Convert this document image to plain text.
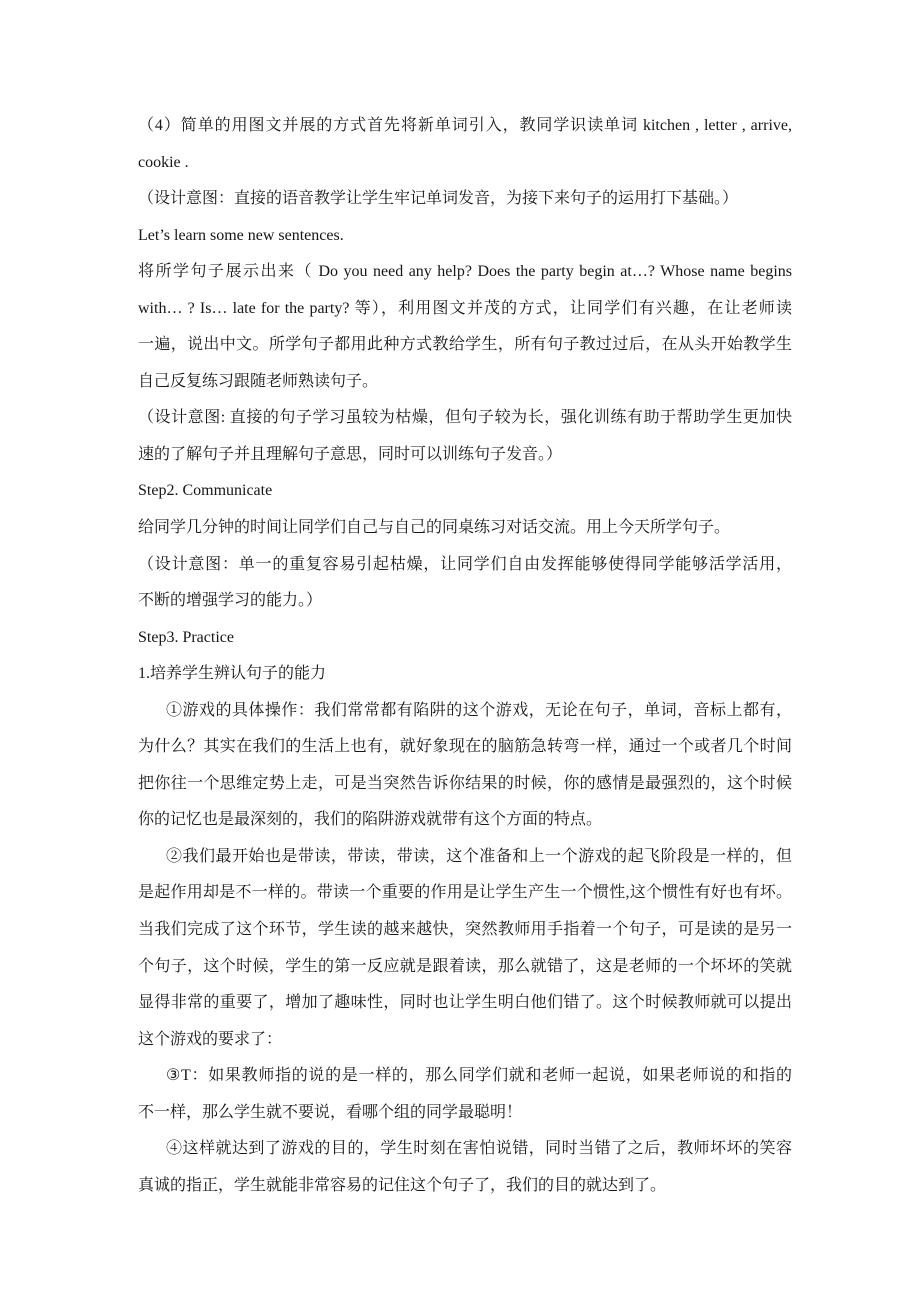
（4）简单的用图文并展的方式首先将新单词引入，教同学识读单词 kitchen , letter , arrive,
cookie .
（设计意图：直接的语音教学让学生牢记单词发音，为接下来句子的运用打下基础。）
Let’s learn some new sentences.
将所学句子展示出来（ Do you need any help? Does the party begin at…? Whose name begins
with… ? Is… late for the party? 等），利用图文并茂的方式，让同学们有兴趣，在让老师读
一遍，说出中文。所学句子都用此种方式教给学生，所有句子教过过后，在从头开始教学生
自己反复练习跟随老师熟读句子。
（设计意图: 直接的句子学习虽较为枯燥，但句子较为长，强化训练有助于帮助学生更加快
速的了解句子并且理解句子意思，同时可以训练句子发音。）
Step2. Communicate
给同学几分钟的时间让同学们自己与自己的同桌练习对话交流。用上今天所学句子。
（设计意图：单一的重复容易引起枯燥，让同学们自由发挥能够使得同学能够活学活用，
不断的增强学习的能力。）
Step3. Practice
1.培养学生辨认句子的能力
①游戏的具体操作：我们常常都有陷阱的这个游戏，无论在句子，单词，音标上都有，
为什么？其实在我们的生活上也有，就好象现在的脑筋急转弯一样，通过一个或者几个时间
把你往一个思维定势上走，可是当突然告诉你结果的时候，你的感情是最强烈的，这个时候
你的记忆也是最深刻的，我们的陷阱游戏就带有这个方面的特点。
②我们最开始也是带读，带读，带读，这个准备和上一个游戏的起飞阶段是一样的，但
是起作用却是不一样的。带读一个重要的作用是让学生产生一个惯性,这个惯性有好也有坏。
当我们完成了这个环节，学生读的越来越快，突然教师用手指着一个句子，可是读的是另一
个句子，这个时候，学生的第一反应就是跟着读，那么就错了，这是老师的一个坏坏的笑就
显得非常的重要了，增加了趣味性，同时也让学生明白他们错了。这个时候教师就可以提出
这个游戏的要求了：
③T：如果教师指的说的是一样的，那么同学们就和老师一起说，如果老师说的和指的
不一样，那么学生就不要说，看哪个组的同学最聪明！
④这样就达到了游戏的目的，学生时刻在害怕说错，同时当错了之后，教师坏坏的笑容
真诚的指正，学生就能非常容易的记住这个句子了，我们的目的就达到了。
